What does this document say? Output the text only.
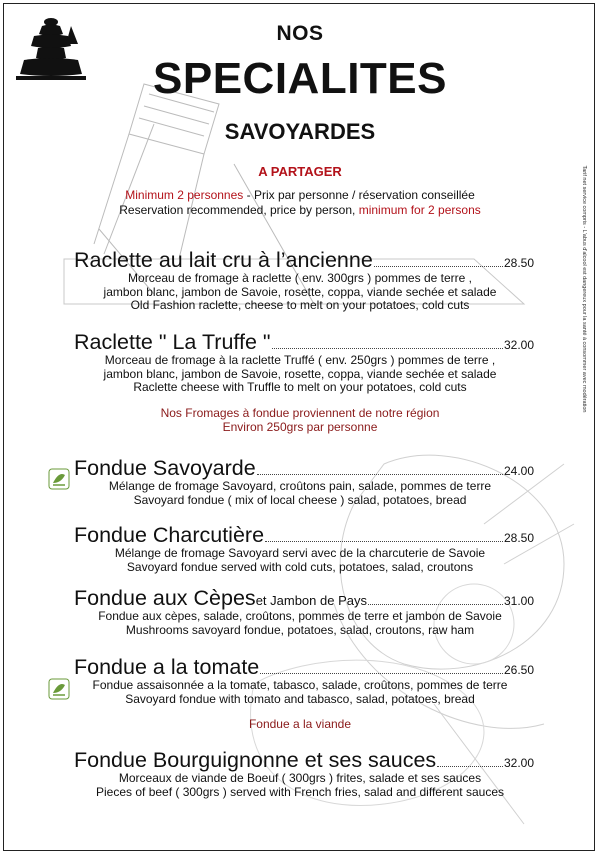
Tarif net service compris - L'abus d'alcool est dangereux pour la santé à consommer avec modération
NOS
SPECIALITES
SAVOYARDES
A PARTAGER
Minimum 2 personnes - Prix par personne / réservation conseillée
Reservation recommended, price by person, minimum for 2 persons
Raclette au lait cru à l’ancienne	28.50
Morceau de fromage à raclette ( env. 300grs ) pommes de terre ,
jambon blanc, jambon de Savoie, rosette, coppa, viande sechée et salade
Old Fashion raclette, cheese to melt on your potatoes, cold cuts
Raclette " La Truffe "	32.00
Morceau de fromage à la raclette Truffé ( env. 250grs ) pommes de terre ,
jambon blanc, jambon de Savoie, rosette, coppa, viande sechée et salade
Raclette cheese with Truffle to melt on your potatoes, cold cuts
Nos Fromages à fondue proviennent de notre région
Environ 250grs par personne
Fondue Savoyarde	24.00
Mélange de fromage Savoyard, croûtons pain, salade, pommes de terre
Savoyard fondue ( mix of local cheese ) salad, potatoes, bread
Fondue Charcutière	28.50
Mélange de fromage Savoyard servi avec de la charcuterie de Savoie
Savoyard fondue served with cold cuts, potatoes, salad, croutons
Fondue aux Cèpes et Jambon de Pays	31.00
Fondue aux cèpes, salade, croûtons, pommes de terre et jambon de Savoie
Mushrooms savoyard fondue, potatoes, salad, croutons, raw ham
Fondue a la tomate	26.50
Fondue assaisonnée a la tomate, tabasco, salade, croûtons, pommes de terre
Savoyard fondue with tomato and tabasco, salad, potatoes, bread
Fondue a la viande
Fondue Bourguignonne et ses sauces	32.00
Morceaux de viande de Boeuf ( 300grs ) frites, salade et ses sauces
Pieces of beef ( 300grs ) served with French fries, salad and different sauces
